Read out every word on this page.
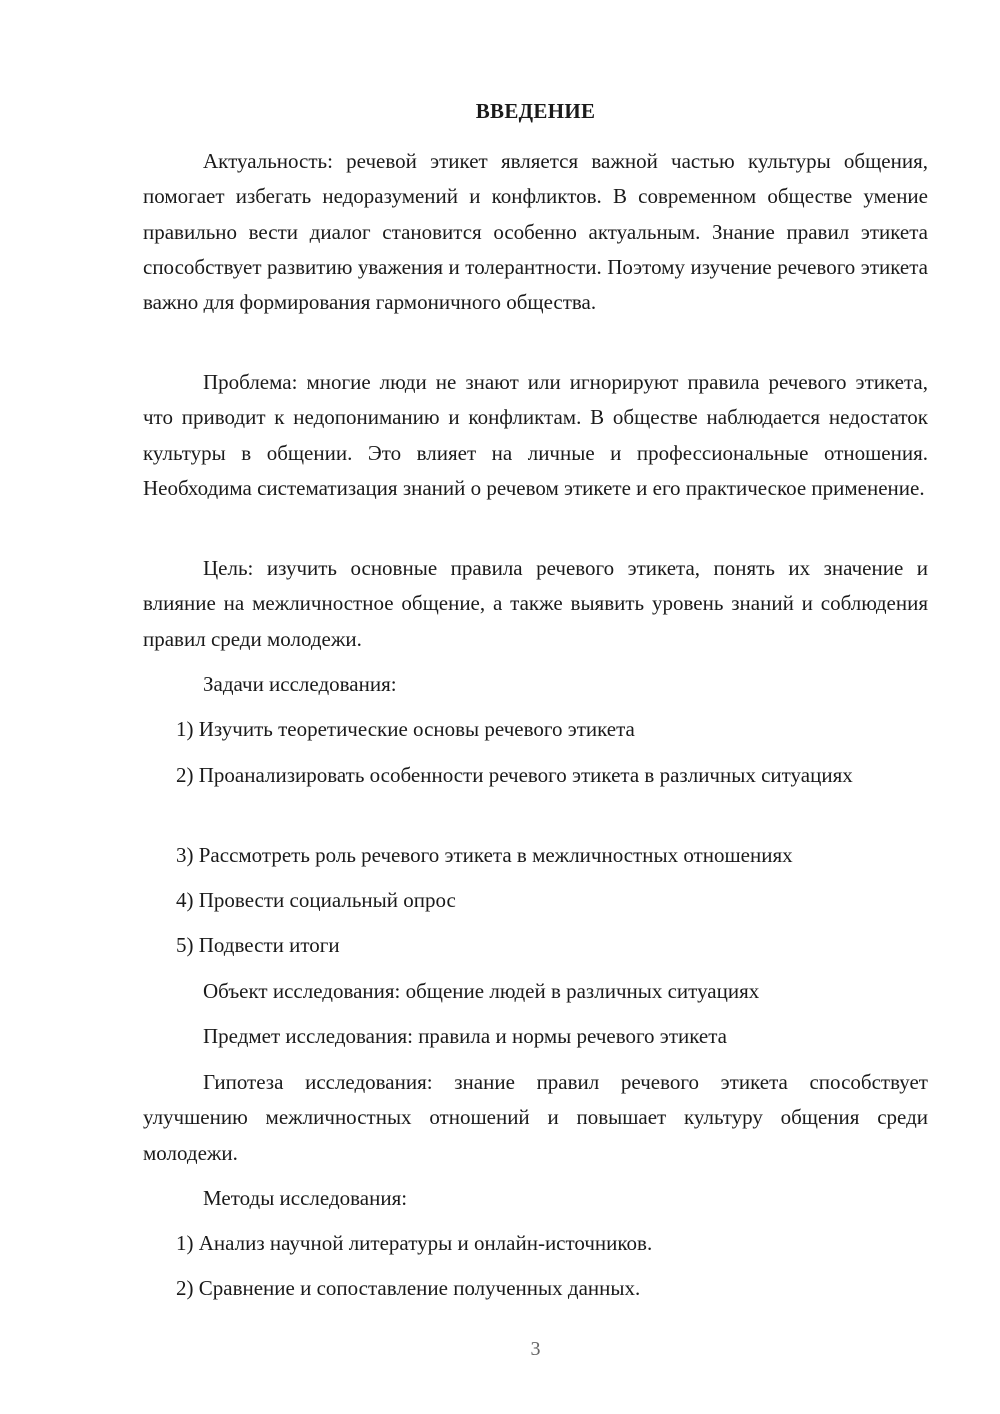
ВВЕДЕНИЕ

Актуальность: речевой этикет является важной частью культуры общения, помогает избегать недоразумений и конфликтов. В современном обществе умение правильно вести диалог становится особенно актуальным. Знание правил этикета способствует развитию уважения и толерантности. Поэтому изучение речевого этикета важно для формирования гармоничного общества.

Проблема: многие люди не знают или игнорируют правила речевого этикета, что приводит к недопониманию и конфликтам. В обществе наблюдается недостаток культуры в общении. Это влияет на личные и профессиональные отношения. Необходима систематизация знаний о речевом этикете и его практическое применение.

Цель: изучить основные правила речевого этикета, понять их значение и влияние на межличностное общение, а также выявить уровень знаний и соблюдения правил среди молодежи.

Задачи исследования:

1) Изучить теоретические основы речевого этикета

2) Проанализировать особенности речевого этикета в различных ситуациях

3) Рассмотреть роль речевого этикета в межличностных отношениях

4) Провести социальный опрос

5) Подвести итоги

Объект исследования: общение людей в различных ситуациях

Предмет исследования: правила и нормы речевого этикета

Гипотеза исследования: знание правил речевого этикета способствует улучшению межличностных отношений и повышает культуру общения среди молодежи.

Методы исследования:

1) Анализ научной литературы и онлайн-источников.

2) Сравнение и сопоставление полученных данных.

3
